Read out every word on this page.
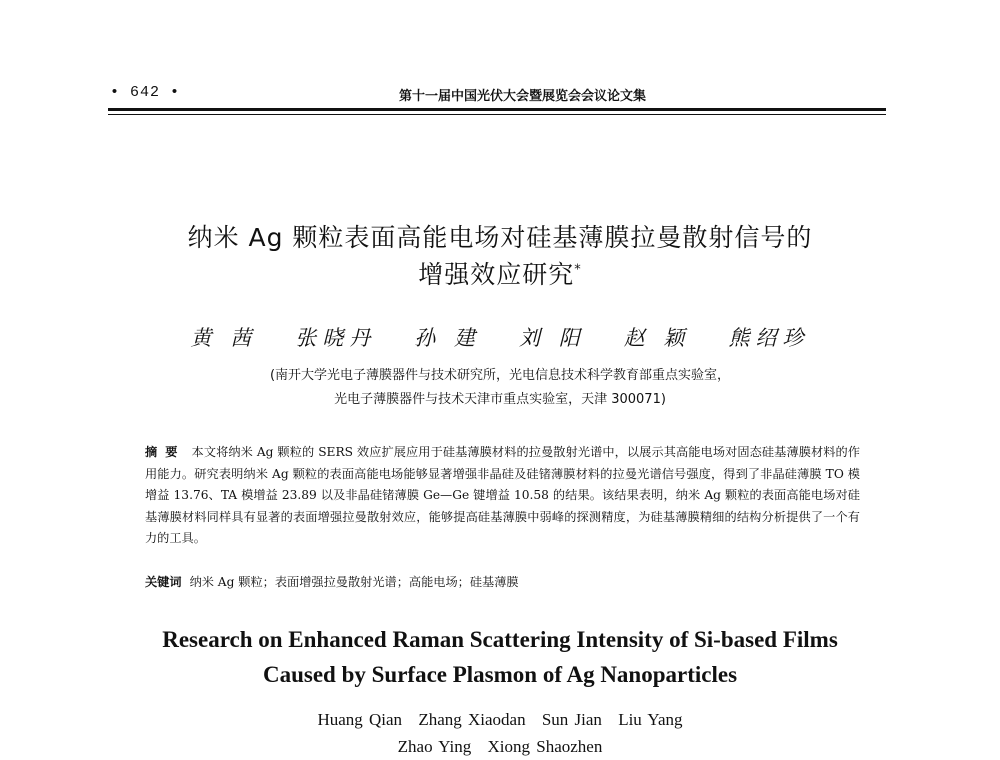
• 642 •	第十一届中国光伏大会暨展览会会议论文集
纳米 Ag 颗粒表面高能电场对硅基薄膜拉曼散射信号的
增强效应研究*
黄 茜 张晓丹 孙 建 刘 阳 赵 颖 熊绍珍
(南开大学光电子薄膜器件与技术研究所，光电信息技术科学教育部重点实验室，
光电子薄膜器件与技术天津市重点实验室，天津 300071)
摘要 本文将纳米 Ag 颗粒的 SERS 效应扩展应用于硅基薄膜材料的拉曼散射光谱中，以展示其高能电场对固态硅基薄膜材料的作用能力。研究表明纳米 Ag 颗粒的表面高能电场能够显著增强非晶硅及硅锗薄膜材料的拉曼光谱信号强度，得到了非晶硅薄膜 TO 模增益 13.76、TA 模增益 23.89 以及非晶硅锗薄膜 Ge—Ge 键增益 10.58 的结果。该结果表明，纳米 Ag 颗粒的表面高能电场对硅基薄膜材料同样具有显著的表面增强拉曼散射效应，能够提高硅基薄膜中弱峰的探测精度，为硅基薄膜精细的结构分析提供了一个有力的工具。
关键词 纳米 Ag 颗粒；表面增强拉曼散射光谱；高能电场；硅基薄膜
Research on Enhanced Raman Scattering Intensity of Si-based Films
Caused by Surface Plasmon of Ag Nanoparticles
Huang Qian Zhang Xiaodan Sun Jian Liu Yang
Zhao Ying Xiong Shaozhen
